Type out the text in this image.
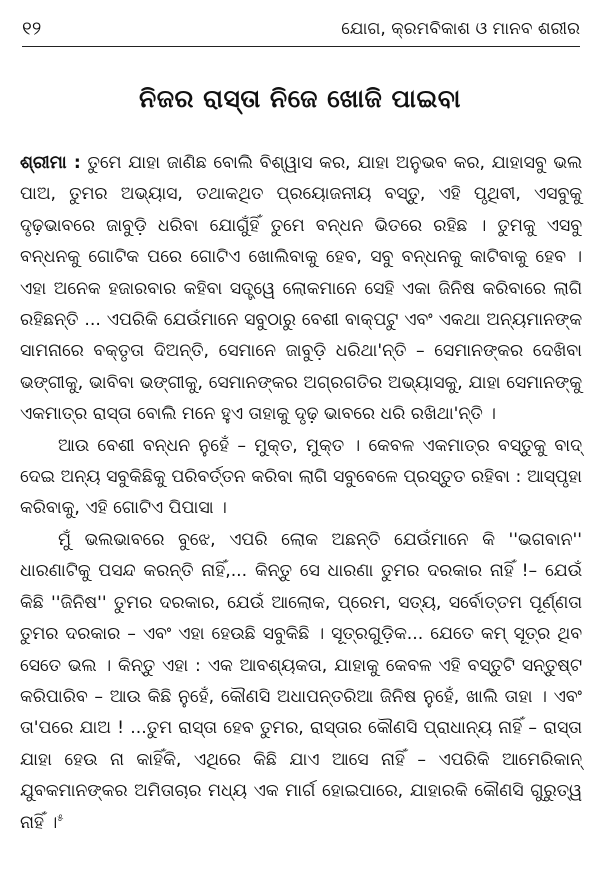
୧୨	ଯୋଗ, କ୍ରମବିକାଶ ଓ ମାନବ ଶରୀର
ନିଜର ରାସ୍ତା ନିଜେ ଖୋଜି ପାଇବା

ଶ୍ରୀମା : ତୁମେ ଯାହା ଜାଣିଛ ବୋଲି ବିଶ୍ୱାସ କର, ଯାହା ଅନୁଭବ କର, ଯାହାସବୁ ଭଲ ପାଅ, ତୁମର ଅଭ୍ୟାସ, ତଥାକଥିତ ପ୍ରୟୋଜନୀୟ ବସ୍ତୁ, ଏହି ପୃଥିବୀ, ଏସବୁକୁ ଦୃଢ଼ଭାବରେ ଜାବୁଡ଼ି ଧରିବା ଯୋଗୁଁହିଁ ତୁମେ ବନ୍ଧନ ଭିତରେ ରହିଛ । ତୁମକୁ ଏସବୁ ବନ୍ଧନକୁ ଗୋଟିକ ପରେ ଗୋଟିଏ ଖୋଲିବାକୁ ହେବ, ସବୁ ବନ୍ଧନକୁ କାଟିବାକୁ ହେବ । ଏହା ଅନେକ ହଜାରବାର କହିବା ସତ୍ତ୍ୱେ ଲୋକମାନେ ସେହି ଏକା ଜିନିଷ କରିବାରେ ଲାଗି ରହିଛନ୍ତି ... ଏପରିକି ଯେଉଁମାନେ ସବୁଠାରୁ ବେଶୀ ବାକ୍‌ପଟୁ ଏବଂ ଏକଥା ଅନ୍ୟମାନଙ୍କ ସାମନାରେ ବକ୍ତୃତା ଦିଅନ୍ତି, ସେମାନେ ଜାବୁଡ଼ି ଧରିଥା'ନ୍ତି – ସେମାନଙ୍କର ଦେଖିବା ଭଙ୍ଗୀକୁ, ଭାବିବା ଭଙ୍ଗୀକୁ, ସେମାନଙ୍କର ଅଗ୍ରଗତିର ଅଭ୍ୟାସକୁ, ଯାହା ସେମାନଙ୍କୁ ଏକମାତ୍ର ରାସ୍ତା ବୋଲି ମନେ ହୁଏ ତାହାକୁ ଦୃଢ଼ ଭାବରେ ଧରି ରଖିଥା'ନ୍ତି ।

ଆଉ ବେଶୀ ବନ୍ଧନ ନୁହେଁ – ମୁକ୍ତ, ମୁକ୍ତ । କେବଳ ଏକମାତ୍ର ବସ୍ତୁକୁ ବାଦ୍ ଦେଇ ଅନ୍ୟ ସବୁକିଛିକୁ ପରିବର୍ତ୍ତନ କରିବା ଲାଗି ସବୁବେଳେ ପ୍ରସ୍ତୁତ ରହିବା : ଆସ୍ପୃହା କରିବାକୁ, ଏହି ଗୋଟିଏ ପିପାସା ।

ମୁଁ ଭଲଭାବରେ ବୁଝେ, ଏପରି ଲୋକ ଅଛନ୍ତି ଯେଉଁମାନେ କି ''ଭଗବାନ'' ଧାରଣାଟିକୁ ପସନ୍ଦ କରନ୍ତି ନାହିଁ,... କିନ୍ତୁ ସେ ଧାରଣା ତୁମର ଦରକାର ନାହିଁ !– ଯେଉଁ କିଛି ''ଜିନିଷ'' ତୁମର ଦରକାର, ଯେଉଁ ଆଲୋକ, ପ୍ରେମ, ସତ୍ୟ, ସର୍ବୋତ୍ତମ ପୂର୍ଣ୍ଣତା ତୁମର ଦରକାର – ଏବଂ ଏହା ହେଉଛି ସବୁକିଛି । ସୂତ୍ରଗୁଡ଼ିକ... ଯେତେ କମ୍ ସୂତ୍ର ଥିବ ସେତେ ଭଲ । କିନ୍ତୁ ଏହା : ଏକ ଆବଶ୍ୟକତା, ଯାହାକୁ କେବଳ ଏହି ବସ୍ତୁଟି ସନ୍ତୁଷ୍ଟ କରିପାରିବ – ଆଉ କିଛି ନୁହେଁ, କୌଣସି ଅଧାପନ୍ତରିଆ ଜିନିଷ ନୁହେଁ, ଖାଲି ତାହା । ଏବଂ ତା'ପରେ ଯାଅ ! ...ତୁମ ରାସ୍ତା ହେବ ତୁମର, ରାସ୍ତାର କୌଣସି ପ୍ରାଧାନ୍ୟ ନାହିଁ – ରାସ୍ତା ଯାହା ହେଉ ନା କାହିଁକି, ଏଥିରେ କିଛି ଯାଏ ଆସେ ନାହିଁ – ଏପରିକି ଆମେରିକାନ୍ ଯୁବକମାନଙ୍କର ଅମିତାଚାର ମଧ୍ୟ ଏକ ମାର୍ଗ ହୋଇପାରେ, ଯାହାରକି କୌଣସି ଗୁରୁତ୍ୱ ନାହିଁ ।$^୫$
